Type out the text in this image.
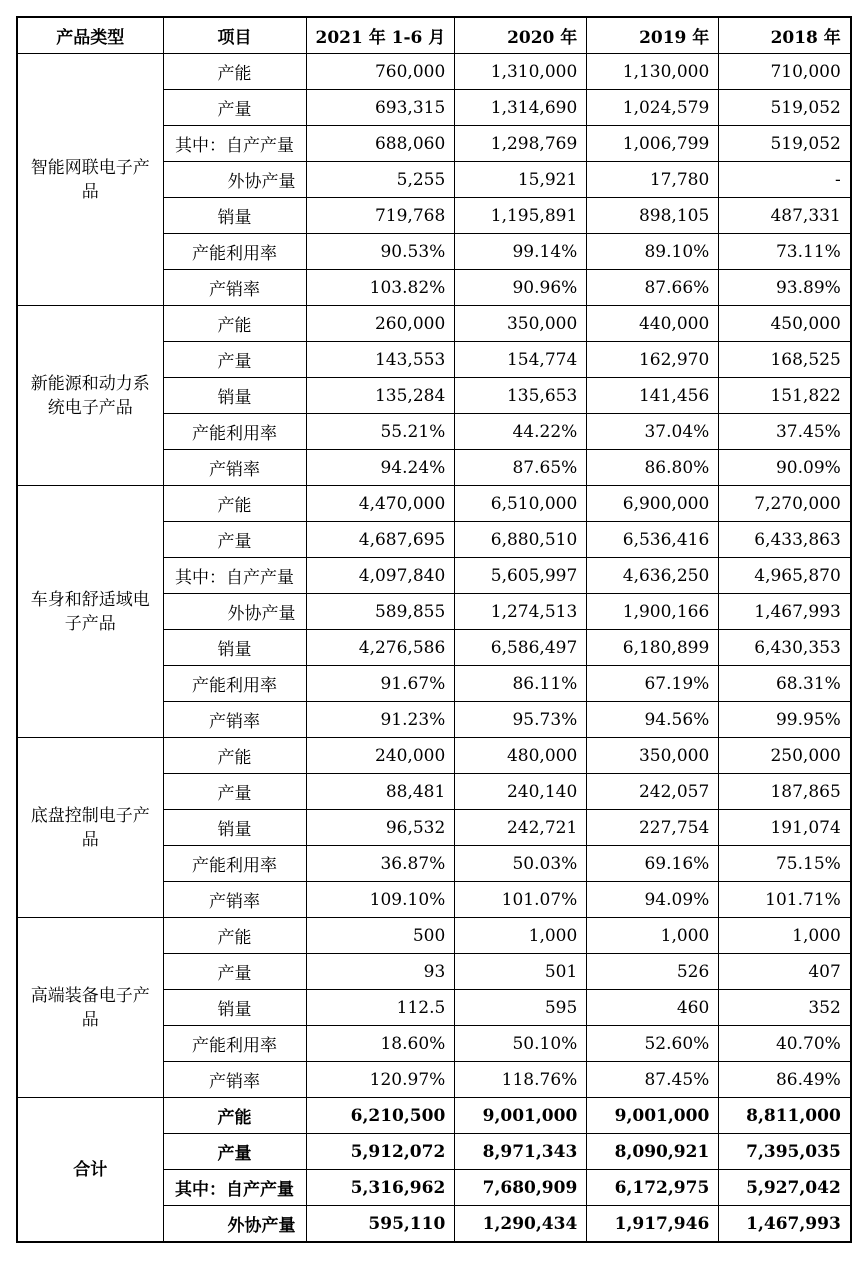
产品类型	项目	2021 年 1-6 月	2020 年	2019 年	2018 年
智能网联电子产品	产能	760,000	1,310,000	1,130,000	710,000
	产量	693,315	1,314,690	1,024,579	519,052
	其中：自产产量	688,060	1,298,769	1,006,799	519,052
	外协产量	5,255	15,921	17,780	-
	销量	719,768	1,195,891	898,105	487,331
	产能利用率	90.53%	99.14%	89.10%	73.11%
	产销率	103.82%	90.96%	87.66%	93.89%
新能源和动力系统电子产品	产能	260,000	350,000	440,000	450,000
	产量	143,553	154,774	162,970	168,525
	销量	135,284	135,653	141,456	151,822
	产能利用率	55.21%	44.22%	37.04%	37.45%
	产销率	94.24%	87.65%	86.80%	90.09%
车身和舒适域电子产品	产能	4,470,000	6,510,000	6,900,000	7,270,000
	产量	4,687,695	6,880,510	6,536,416	6,433,863
	其中：自产产量	4,097,840	5,605,997	4,636,250	4,965,870
	外协产量	589,855	1,274,513	1,900,166	1,467,993
	销量	4,276,586	6,586,497	6,180,899	6,430,353
	产能利用率	91.67%	86.11%	67.19%	68.31%
	产销率	91.23%	95.73%	94.56%	99.95%
底盘控制电子产品	产能	240,000	480,000	350,000	250,000
	产量	88,481	240,140	242,057	187,865
	销量	96,532	242,721	227,754	191,074
	产能利用率	36.87%	50.03%	69.16%	75.15%
	产销率	109.10%	101.07%	94.09%	101.71%
高端装备电子产品	产能	500	1,000	1,000	1,000
	产量	93	501	526	407
	销量	112.5	595	460	352
	产能利用率	18.60%	50.10%	52.60%	40.70%
	产销率	120.97%	118.76%	87.45%	86.49%
合计	产能	6,210,500	9,001,000	9,001,000	8,811,000
	产量	5,912,072	8,971,343	8,090,921	7,395,035
	其中：自产产量	5,316,962	7,680,909	6,172,975	5,927,042
	外协产量	595,110	1,290,434	1,917,946	1,467,993
